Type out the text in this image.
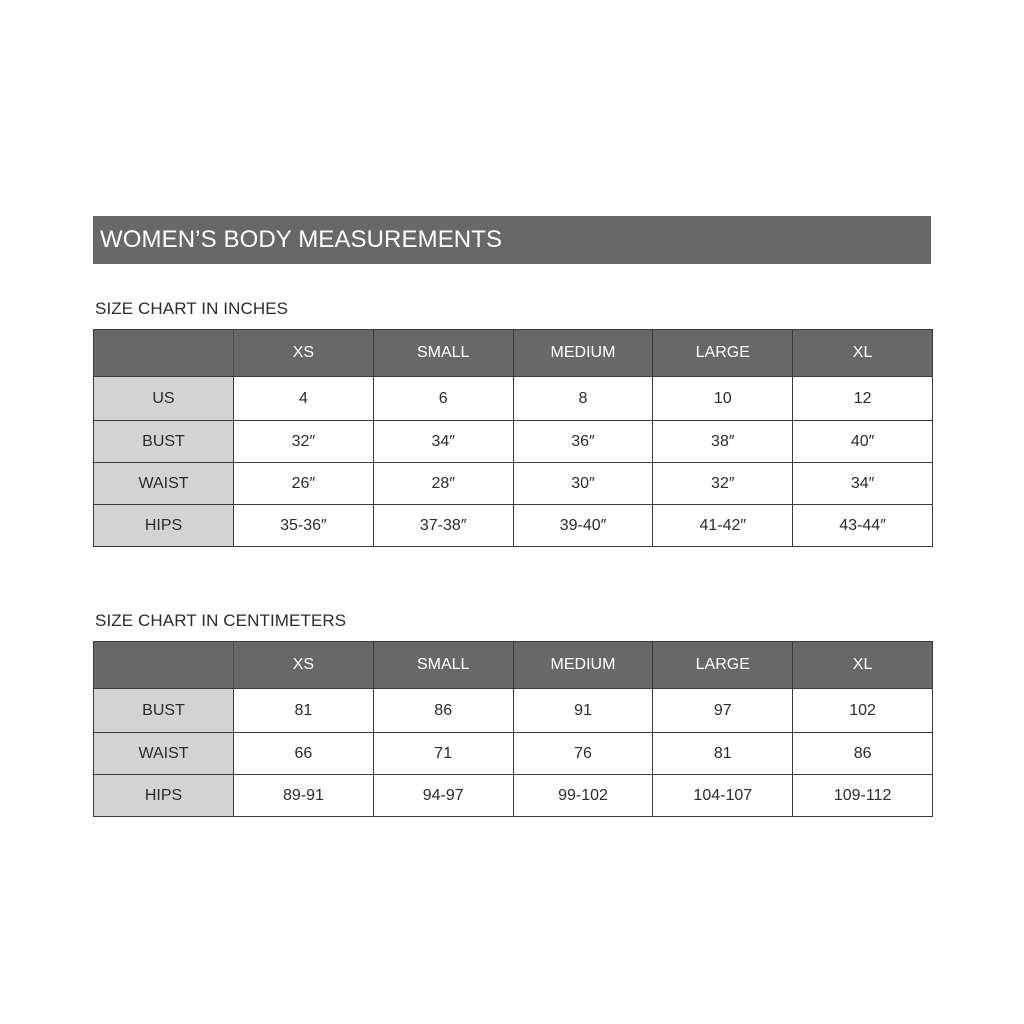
WOMEN’S BODY MEASUREMENTS
SIZE CHART IN INCHES
	XS	SMALL	MEDIUM	LARGE	XL
US	4	6	8	10	12
BUST	32″	34″	36″	38″	40″
WAIST	26″	28″	30″	32″	34″
HIPS	35-36″	37-38″	39-40″	41-42″	43-44″
SIZE CHART IN CENTIMETERS
	XS	SMALL	MEDIUM	LARGE	XL
BUST	81	86	91	97	102
WAIST	66	71	76	81	86
HIPS	89-91	94-97	99-102	104-107	109-112
